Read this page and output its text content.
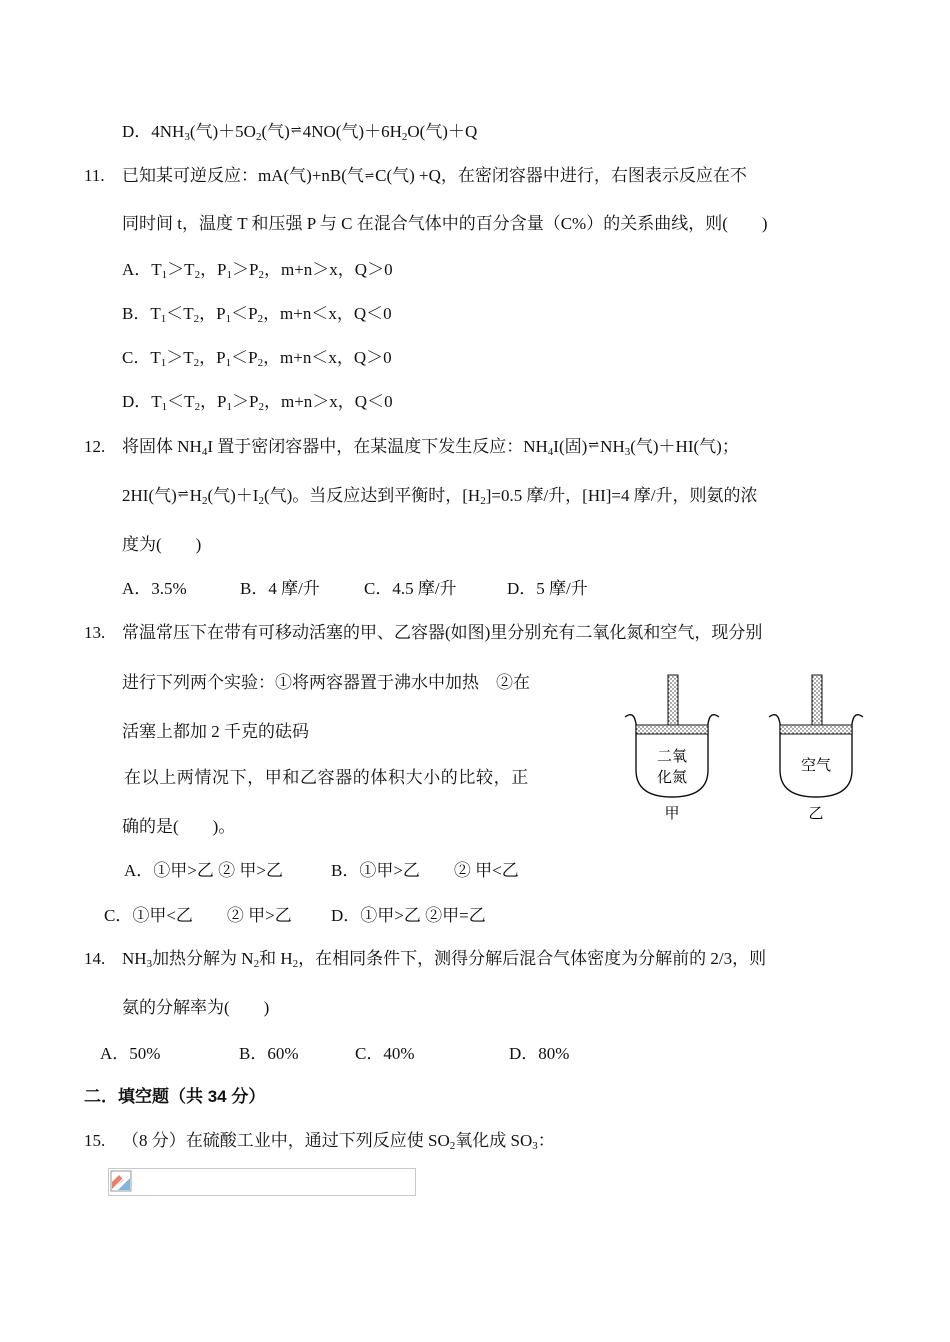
D．$4NH_3$(气)$+5O_2$(气)⇌4NO(气)$+6H_2O$(气)＋Q
11. 已知某可逆反应：mA(气)+nB(气⇌C(气) +Q，在密闭容器中进行，右图表示反应在不
同时间 t，温度 T 和压强 P 与 C 在混合气体中的百分含量（C%）的关系曲线，则(　　)
A．$T_1>T_2$，$P_1>P_2$，m+n＞x，Q＞0
B．$T_1<T_2$，$P_1<P_2$，m+n＜x，Q＜0
C．$T_1>T_2$，$P_1<P_2$，m+n＜x，Q＞0
D．$T_1<T_2$，$P_1>P_2$，m+n＞x，Q＜0
12. 将固体 $NH_4I$ 置于密闭容器中，在某温度下发生反应：$NH_4I$(固)$\rightleftharpoons NH_3$(气)＋HI(气)；
2HI(气)$\rightleftharpoons H_2$(气)$+I_2$(气)。当反应达到平衡时，$[H_2]=0.5$ 摩/升，[HI]=4 摩/升，则氨的浓
度为(　　)
A．3.5%	B．4 摩/升	C．4.5 摩/升	D．5 摩/升
13. 常温常压下在带有可移动活塞的甲、乙容器(如图)里分别充有二氧化氮和空气，现分别
进行下列两个实验：①将两容器置于沸水中加热　②在
活塞上都加 2 千克的砝码
在以上两情况下，甲和乙容器的体积大小的比较，正
确的是(　　)。
A．①甲>乙 ② 甲>乙	B．①甲>乙　　② 甲<乙
C．①甲<乙　　② 甲>乙 D．①甲>乙 ②甲=乙
二氧
化氮
甲
空气
乙
14. $NH_3$加热分解为 $N_2$和 $H_2$，在相同条件下，测得分解后混合气体密度为分解前的 2/3，则
氨的分解率为(　　)
A．50%	B．60%	C．40%	D．80%
二．填空题（共 34 分）
15. （8 分）在硫酸工业中，通过下列反应使 $SO_2$氧化成 $SO_3$：
